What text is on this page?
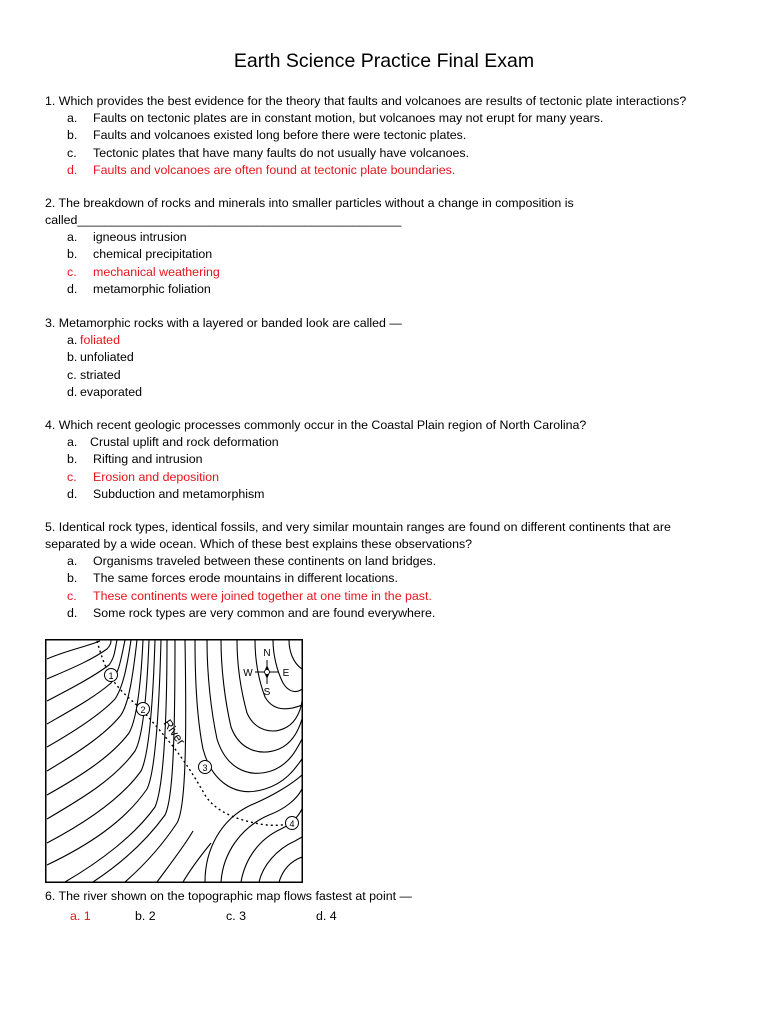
Earth Science Practice Final Exam

1. Which provides the best evidence for the theory that faults and volcanoes are results of tectonic plate interactions?

a. Faults on tectonic plates are in constant motion, but volcanoes may not erupt for many years.
b. Faults and volcanoes existed long before there were tectonic plates.
c. Tectonic plates that have many faults do not usually have volcanoes.
d. Faults and volcanoes are often found at tectonic plate boundaries.

2. The breakdown of rocks and minerals into smaller particles without a change in composition is called_______________________________________________

a. igneous intrusion
b. chemical precipitation
c. mechanical weathering
d. metamorphic foliation

3. Metamorphic rocks with a layered or banded look are called —

a. foliated
b. unfoliated
c. striated
d. evaporated

4. Which recent geologic processes commonly occur in the Coastal Plain region of North Carolina?

a. Crustal uplift and rock deformation
b. Rifting and intrusion
c. Erosion and deposition
d. Subduction and metamorphism

5. Identical rock types, identical fossils, and very similar mountain ranges are found on different continents that are separated by a wide ocean. Which of these best explains these observations?

a. Organisms traveled between these continents on land bridges.
b. The same forces erode mountains in different locations.
c. These continents were joined together at one time in the past.
d. Some rock types are very common and are found everywhere.
River
1
2
3
4
N
S
W	E
6. The river shown on the topographic map flows fastest at point —
a. 1	b. 2	c. 3	d. 4
